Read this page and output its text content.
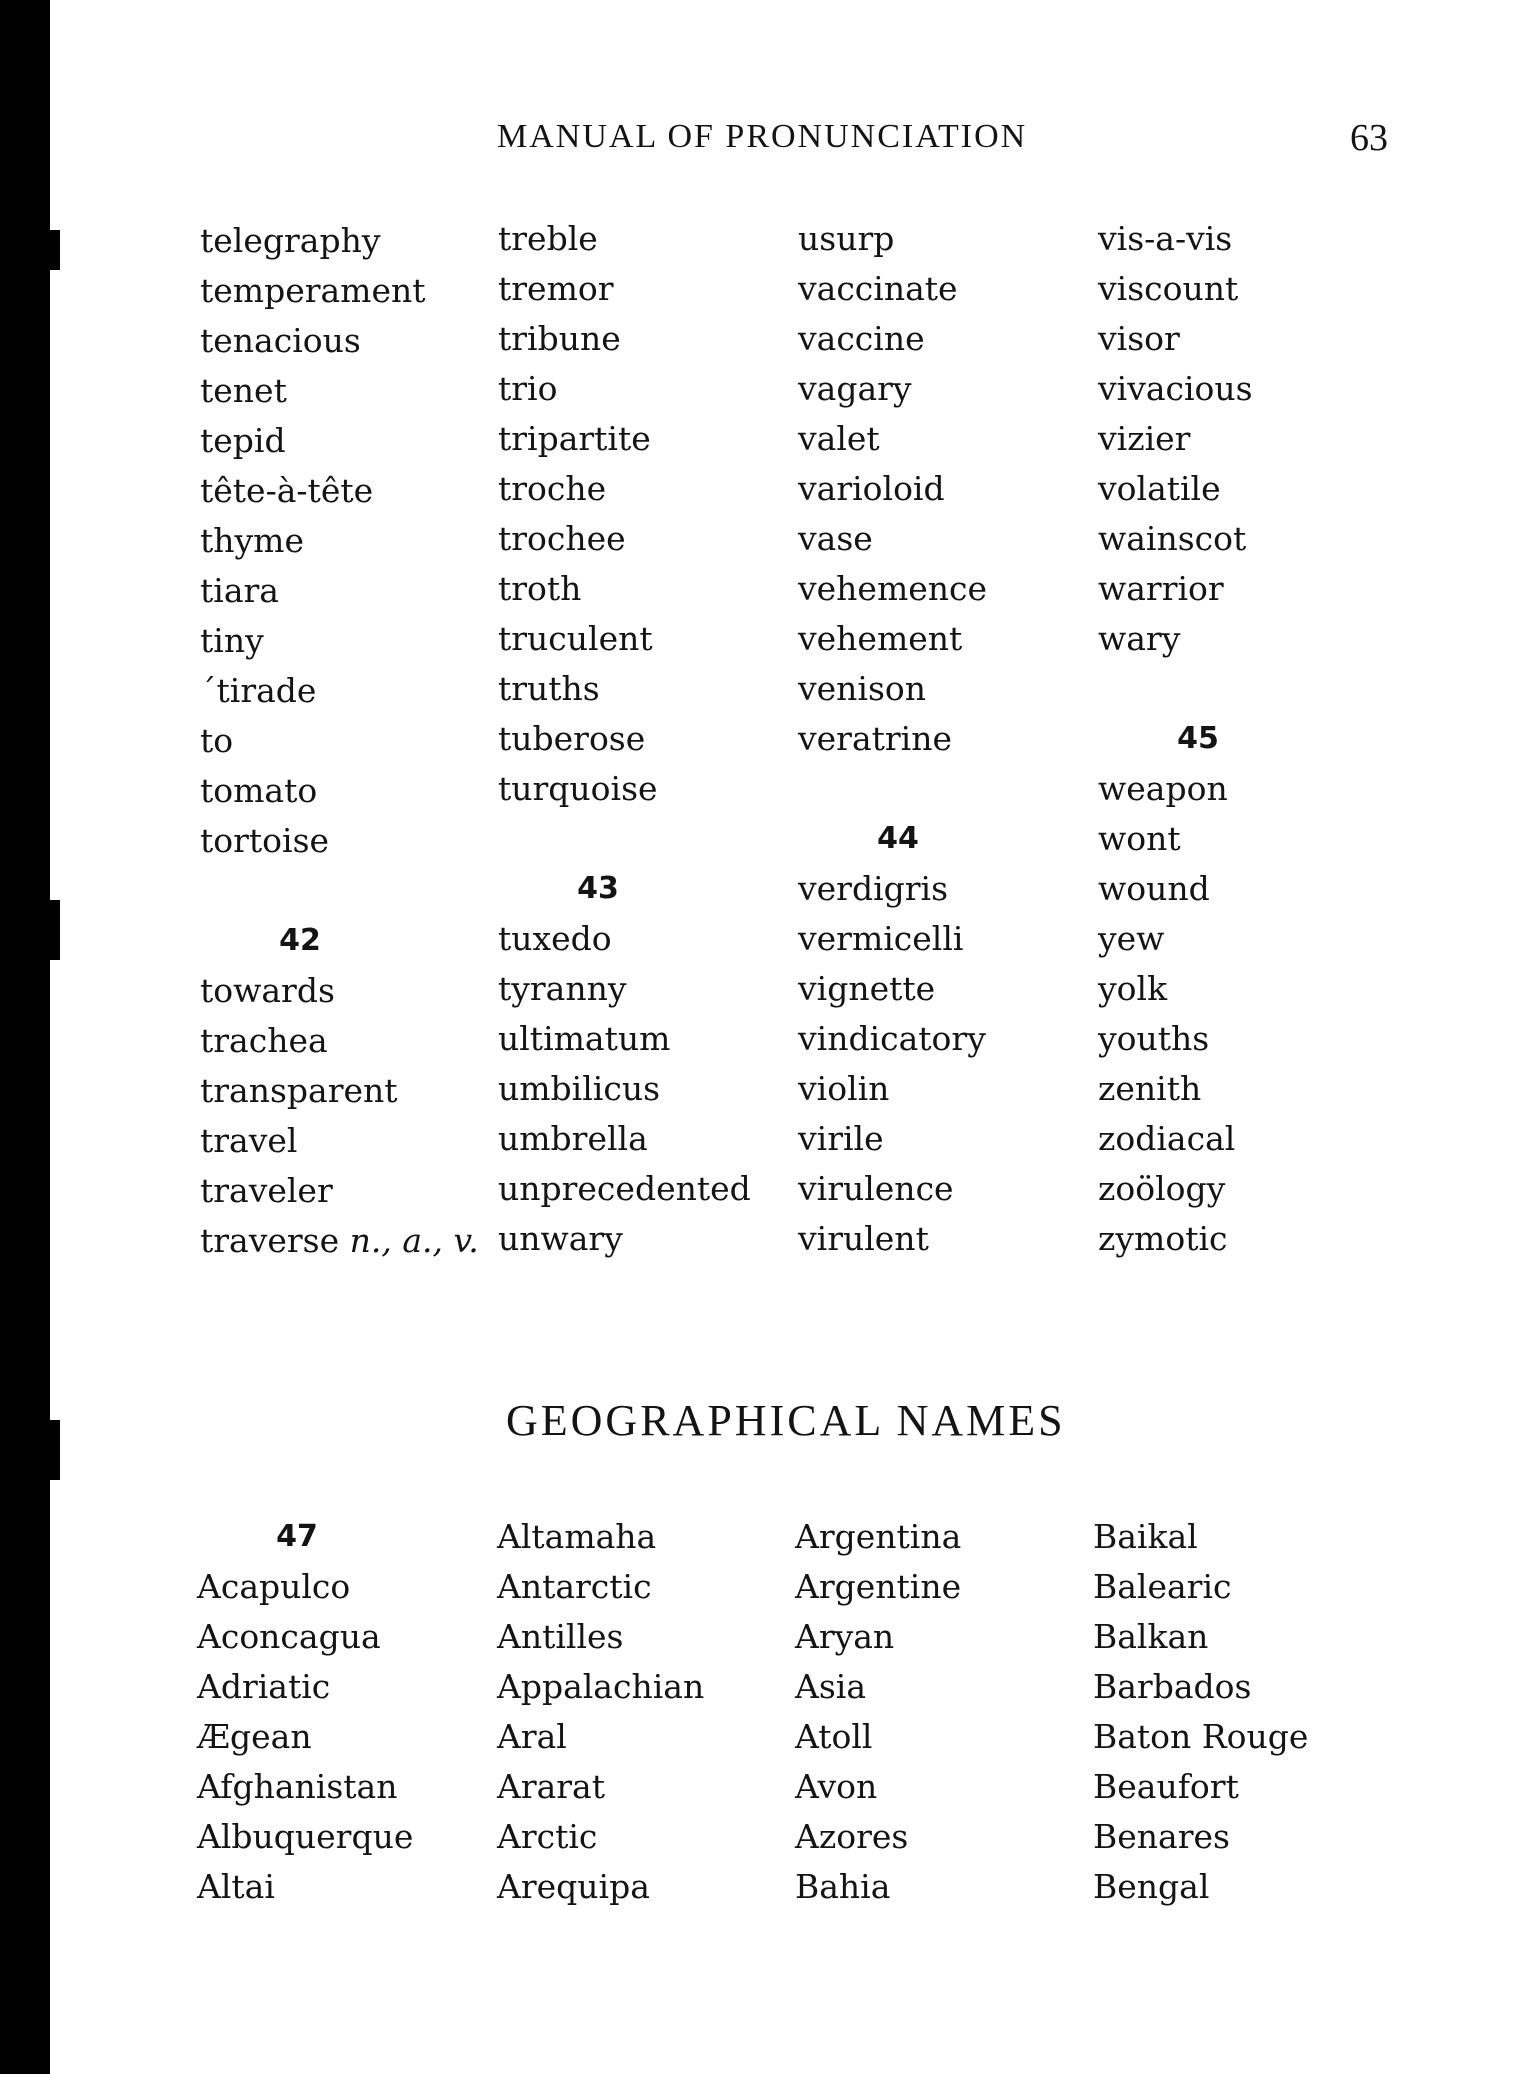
MANUAL OF PRONUNCIATION	63
telegraphy
temperament
tenacious
tenet
tepid
tête-à-tête
thyme
tiara
tiny
´tirade
to
tomato
tortoise
42
towards
trachea
transparent
travel
traveler
traverse n., a., v.
treble
tremor
tribune
trio
tripartite
troche
trochee
troth
truculent
truths
tuberose
turquoise
43
tuxedo
tyranny
ultimatum
umbilicus
umbrella
unprecedented
unwary
usurp
vaccinate
vaccine
vagary
valet
varioloid
vase
vehemence
vehement
venison
veratrine
44
verdigris
vermicelli
vignette
vindicatory
violin
virile
virulence
virulent
vis-a-vis
viscount
visor
vivacious
vizier
volatile
wainscot
warrior
wary
45
weapon
wont
wound
yew
yolk
youths
zenith
zodiacal
zoölogy
zymotic
GEOGRAPHICAL NAMES
47
Acapulco
Aconcagua
Adriatic
Ægean
Afghanistan
Albuquerque
Altai
Altamaha
Antarctic
Antilles
Appalachian
Aral
Ararat
Arctic
Arequipa
Argentina
Argentine
Aryan
Asia
Atoll
Avon
Azores
Bahia
Baikal
Balearic
Balkan
Barbados
Baton Rouge
Beaufort
Benares
Bengal
